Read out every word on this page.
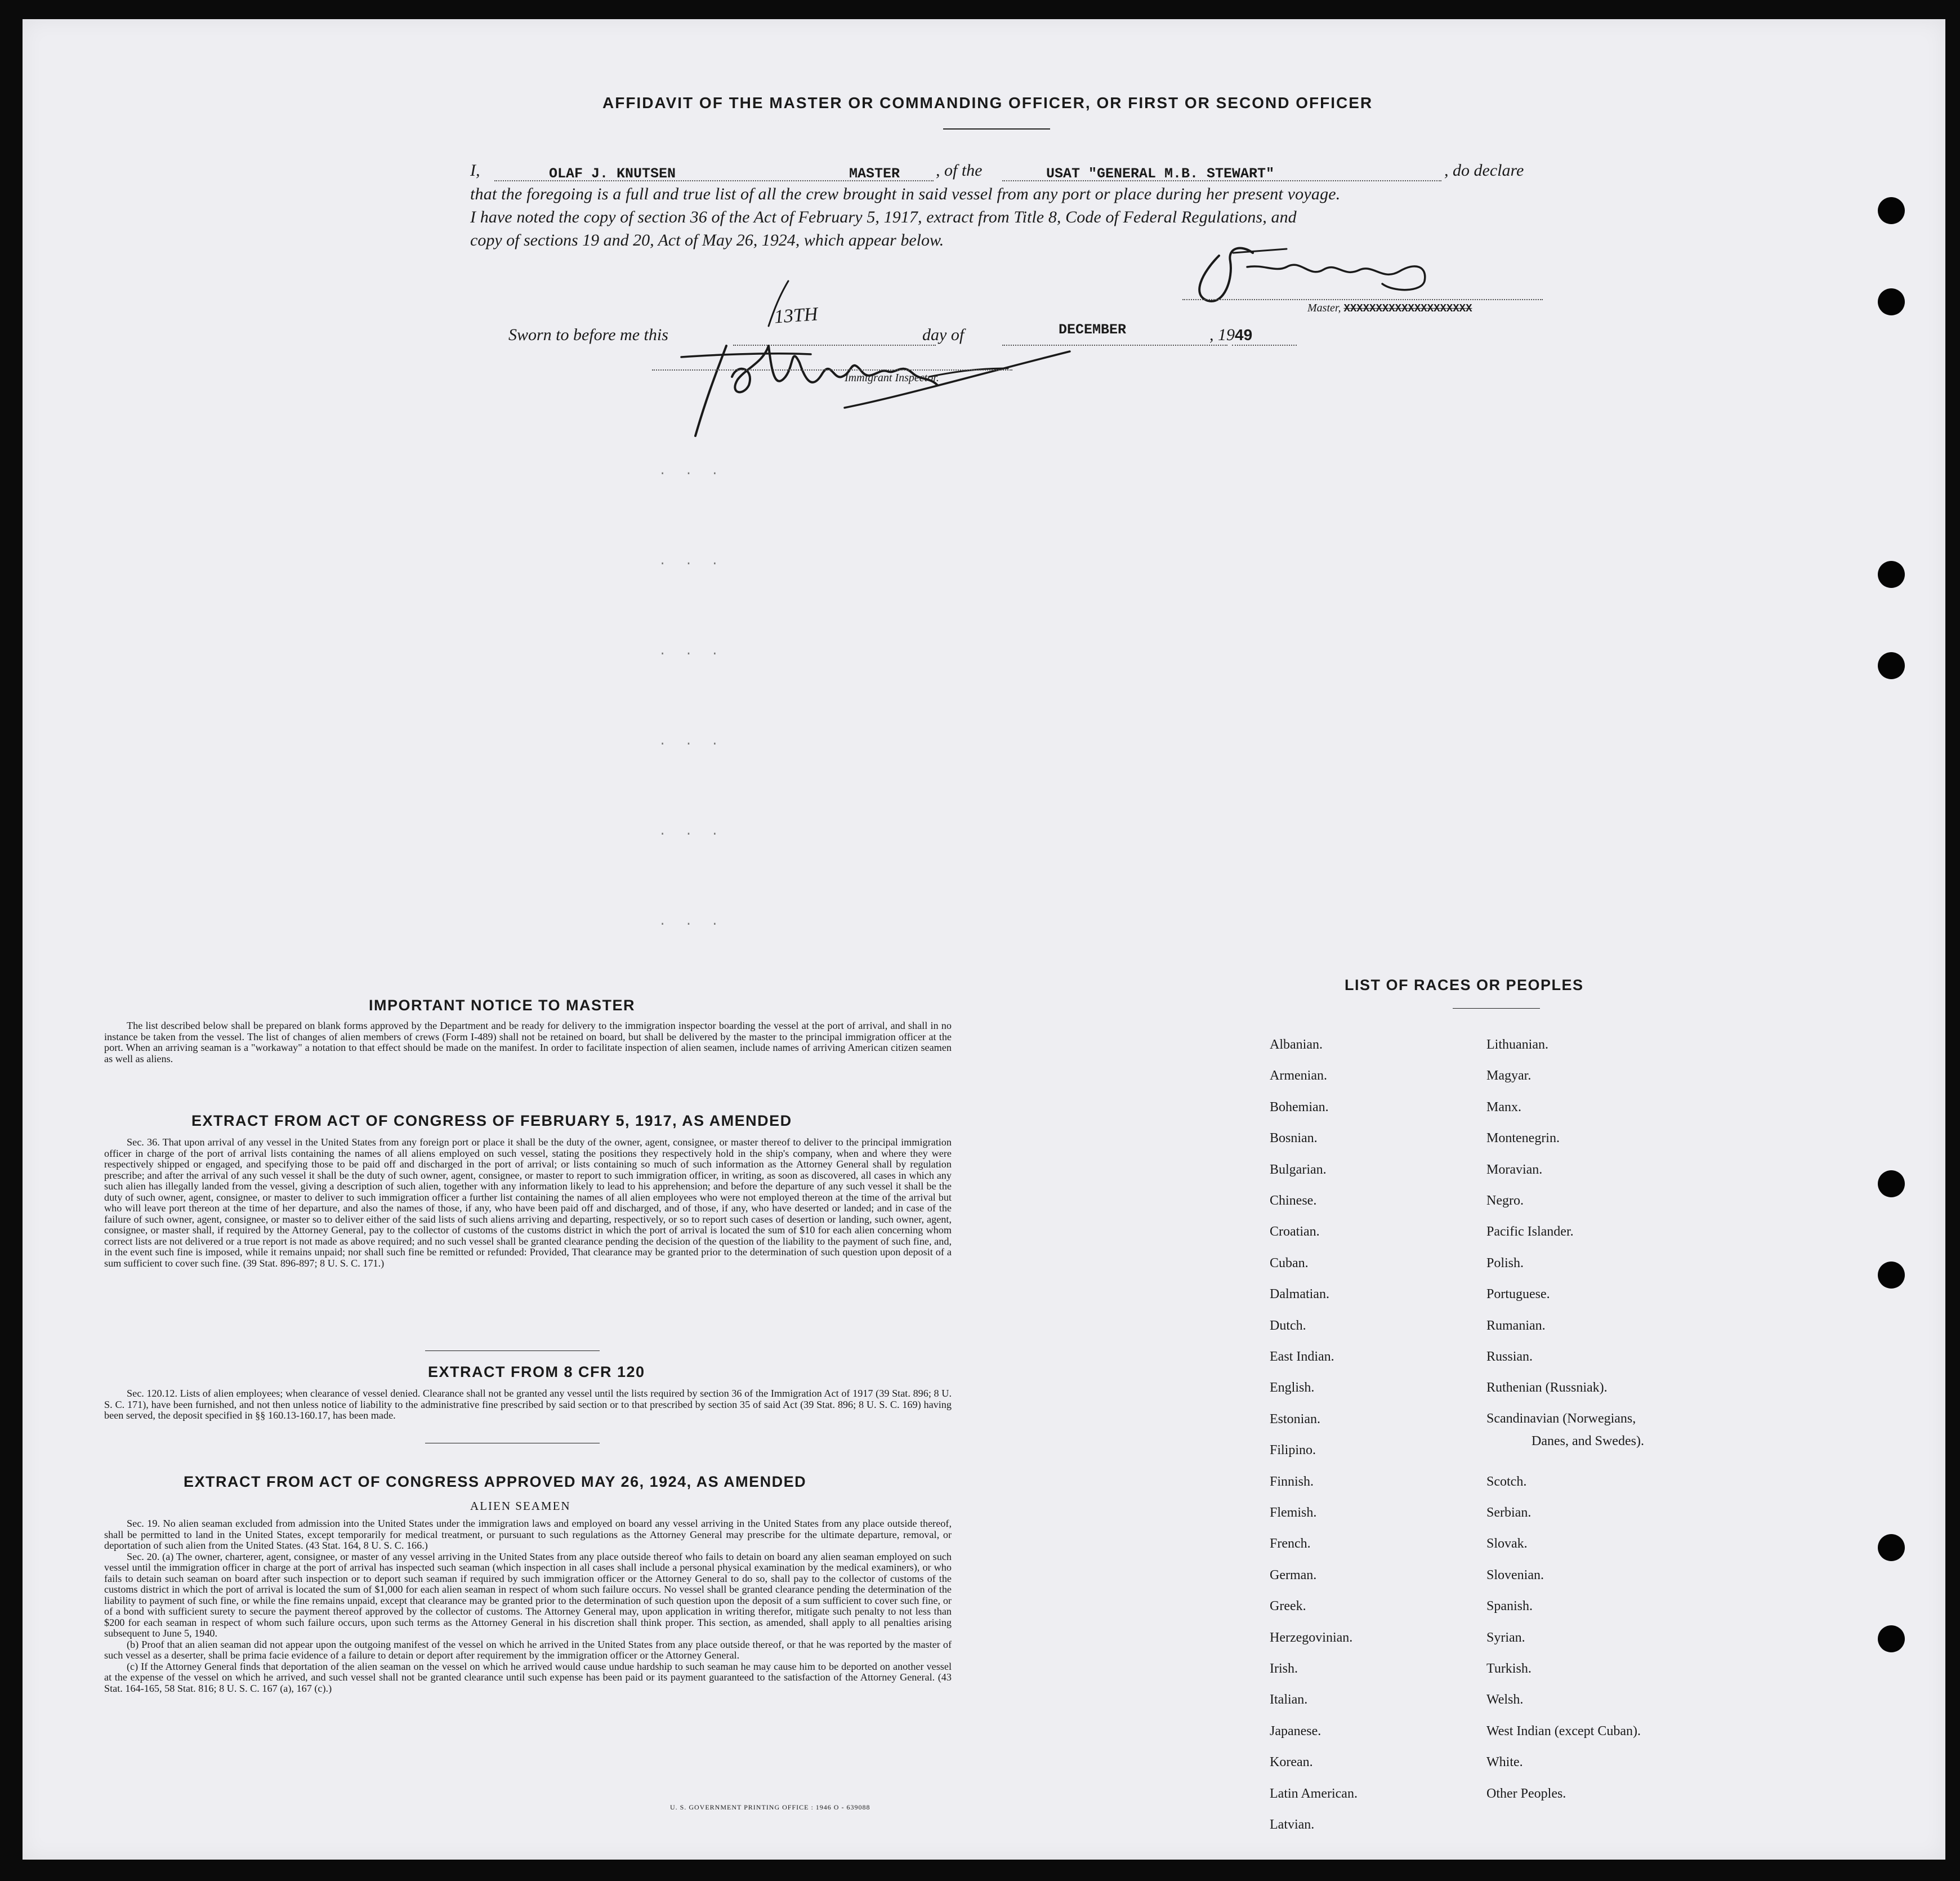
AFFIDAVIT OF THE MASTER OR COMMANDING OFFICER, OR FIRST OR SECOND OFFICER
I,	OLAF J. KNUTSEN	MASTER , of the	USAT "GENERAL M.B. STEWART"	, do declare
that the foregoing is a full and true list of all the crew brought in said vessel from any port or place during her present voyage.
I have noted the copy of section 36 of the Act of February 5, 1917, extract from Title 8, Code of Federal Regulations, and
copy of sections 19 and 20, Act of May 26, 1924, which appear below.
Master, XXXXXXXXXXXXXXXXXXXX
Sworn to before me this
13TH
day of	DECEMBER	, 1949
Immigrant Inspector.
. . .
. . .
. . .
. . .
. . .
. . .
IMPORTANT NOTICE TO MASTER

The list described below shall be prepared on blank forms approved by the Department and be ready for delivery to the immigration inspector boarding the vessel at the port of arrival, and shall in no instance be taken from the vessel. The list of changes of alien members of crews (Form I-489) shall not be retained on board, but shall be delivered by the master to the principal immigration officer at the port. When an arriving seaman is a "workaway" a notation to that effect should be made on the manifest. In order to facilitate inspection of alien seamen, include names of arriving American citizen seamen as well as aliens.

EXTRACT FROM ACT OF CONGRESS OF FEBRUARY 5, 1917, AS AMENDED

Sec. 36. That upon arrival of any vessel in the United States from any foreign port or place it shall be the duty of the owner, agent, consignee, or master thereof to deliver to the principal immigration officer in charge of the port of arrival lists containing the names of all aliens employed on such vessel, stating the positions they respectively hold in the ship's company, when and where they were respectively shipped or engaged, and specifying those to be paid off and discharged in the port of arrival; or lists containing so much of such information as the Attorney General shall by regulation prescribe; and after the arrival of any such vessel it shall be the duty of such owner, agent, consignee, or master to report to such immigration officer, in writing, as soon as discovered, all cases in which any such alien has illegally landed from the vessel, giving a description of such alien, together with any information likely to lead to his apprehension; and before the departure of any such vessel it shall be the duty of such owner, agent, consignee, or master to deliver to such immigration officer a further list containing the names of all alien employees who were not employed thereon at the time of the arrival but who will leave port thereon at the time of her departure, and also the names of those, if any, who have been paid off and discharged, and of those, if any, who have deserted or landed; and in case of the failure of such owner, agent, consignee, or master so to deliver either of the said lists of such aliens arriving and departing, respectively, or so to report such cases of desertion or landing, such owner, agent, consignee, or master shall, if required by the Attorney General, pay to the collector of customs of the customs district in which the port of arrival is located the sum of $10 for each alien concerning whom correct lists are not delivered or a true report is not made as above required; and no such vessel shall be granted clearance pending the decision of the question of the liability to the payment of such fine, and, in the event such fine is imposed, while it remains unpaid; nor shall such fine be remitted or refunded: Provided, That clearance may be granted prior to the determination of such question upon deposit of a sum sufficient to cover such fine. (39 Stat. 896-897; 8 U. S. C. 171.)

EXTRACT FROM 8 CFR 120

Sec. 120.12. Lists of alien employees; when clearance of vessel denied. Clearance shall not be granted any vessel until the lists required by section 36 of the Immigration Act of 1917 (39 Stat. 896; 8 U. S. C. 171), have been furnished, and not then unless notice of liability to the administrative fine prescribed by said section or to that prescribed by section 35 of said Act (39 Stat. 896; 8 U. S. C. 169) having been served, the deposit specified in §§ 160.13-160.17, has been made.

EXTRACT FROM ACT OF CONGRESS APPROVED MAY 26, 1924, AS AMENDED
ALIEN SEAMEN

Sec. 19. No alien seaman excluded from admission into the United States under the immigration laws and employed on board any vessel arriving in the United States from any place outside thereof, shall be permitted to land in the United States, except temporarily for medical treatment, or pursuant to such regulations as the Attorney General may prescribe for the ultimate departure, removal, or deportation of such alien from the United States. (43 Stat. 164, 8 U. S. C. 166.)

Sec. 20. (a) The owner, charterer, agent, consignee, or master of any vessel arriving in the United States from any place outside thereof who fails to detain on board any alien seaman employed on such vessel until the immigration officer in charge at the port of arrival has inspected such seaman (which inspection in all cases shall include a personal physical examination by the medical examiners), or who fails to detain such seaman on board after such inspection or to deport such seaman if required by such immigration officer or the Attorney General to do so, shall pay to the collector of customs of the customs district in which the port of arrival is located the sum of $1,000 for each alien seaman in respect of whom such failure occurs. No vessel shall be granted clearance pending the determination of the liability to payment of such fine, or while the fine remains unpaid, except that clearance may be granted prior to the determination of such question upon the deposit of a sum sufficient to cover such fine, or of a bond with sufficient surety to secure the payment thereof approved by the collector of customs. The Attorney General may, upon application in writing therefor, mitigate such penalty to not less than $200 for each seaman in respect of whom such failure occurs, upon such terms as the Attorney General in his discretion shall think proper. This section, as amended, shall apply to all penalties arising subsequent to June 5, 1940.

(b) Proof that an alien seaman did not appear upon the outgoing manifest of the vessel on which he arrived in the United States from any place outside thereof, or that he was reported by the master of such vessel as a deserter, shall be prima facie evidence of a failure to detain or deport after requirement by the immigration officer or the Attorney General.

(c) If the Attorney General finds that deportation of the alien seaman on the vessel on which he arrived would cause undue hardship to such seaman he may cause him to be deported on another vessel at the expense of the vessel on which he arrived, and such vessel shall not be granted clearance until such expense has been paid or its payment guaranteed to the satisfaction of the Attorney General. (43 Stat. 164-165, 58 Stat. 816; 8 U. S. C. 167 (a), 167 (c).)

U. S. GOVERNMENT PRINTING OFFICE : 1946 O - 639088
LIST OF RACES OR PEOPLES
Albanian.
Armenian.
Bohemian.
Bosnian.
Bulgarian.
Chinese.
Croatian.
Cuban.
Dalmatian.
Dutch.
East Indian.
English.
Estonian.
Filipino.
Finnish.
Flemish.
French.
German.
Greek.
Herzegovinian.
Irish.
Italian.
Japanese.
Korean.
Latin American.
Latvian.
Lithuanian.
Magyar.
Manx.
Montenegrin.
Moravian.
Negro.
Pacific Islander.
Polish.
Portuguese.
Rumanian.
Russian.
Ruthenian (Russniak).
Scandinavian (Norwegians,
Danes, and Swedes).
Scotch.
Serbian.
Slovak.
Slovenian.
Spanish.
Syrian.
Turkish.
Welsh.
West Indian (except Cuban).
White.
Other Peoples.
